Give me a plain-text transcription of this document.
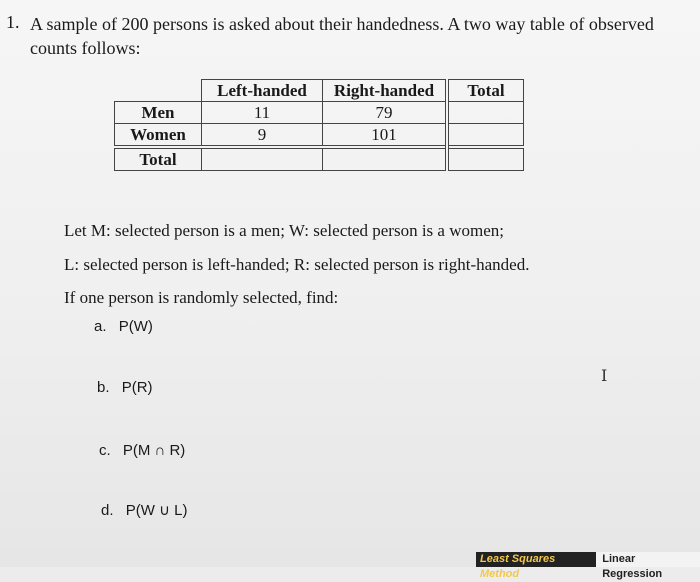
1. A sample of 200 persons is asked about their handedness. A two way table of observed counts follows:
	Left-handed	Right-handed	Total
Men	11	79	
Women	9	101	
Total			
Let M: selected person is a men; W: selected person is a women;
L: selected person is left-handed; R: selected person is right-handed.
If one person is randomly selected, find:
a. P(W)
b. P(R)
c. P(M ∩ R)
d. P(W ∪ L)
I
Least Squares Method
Linear Regression
